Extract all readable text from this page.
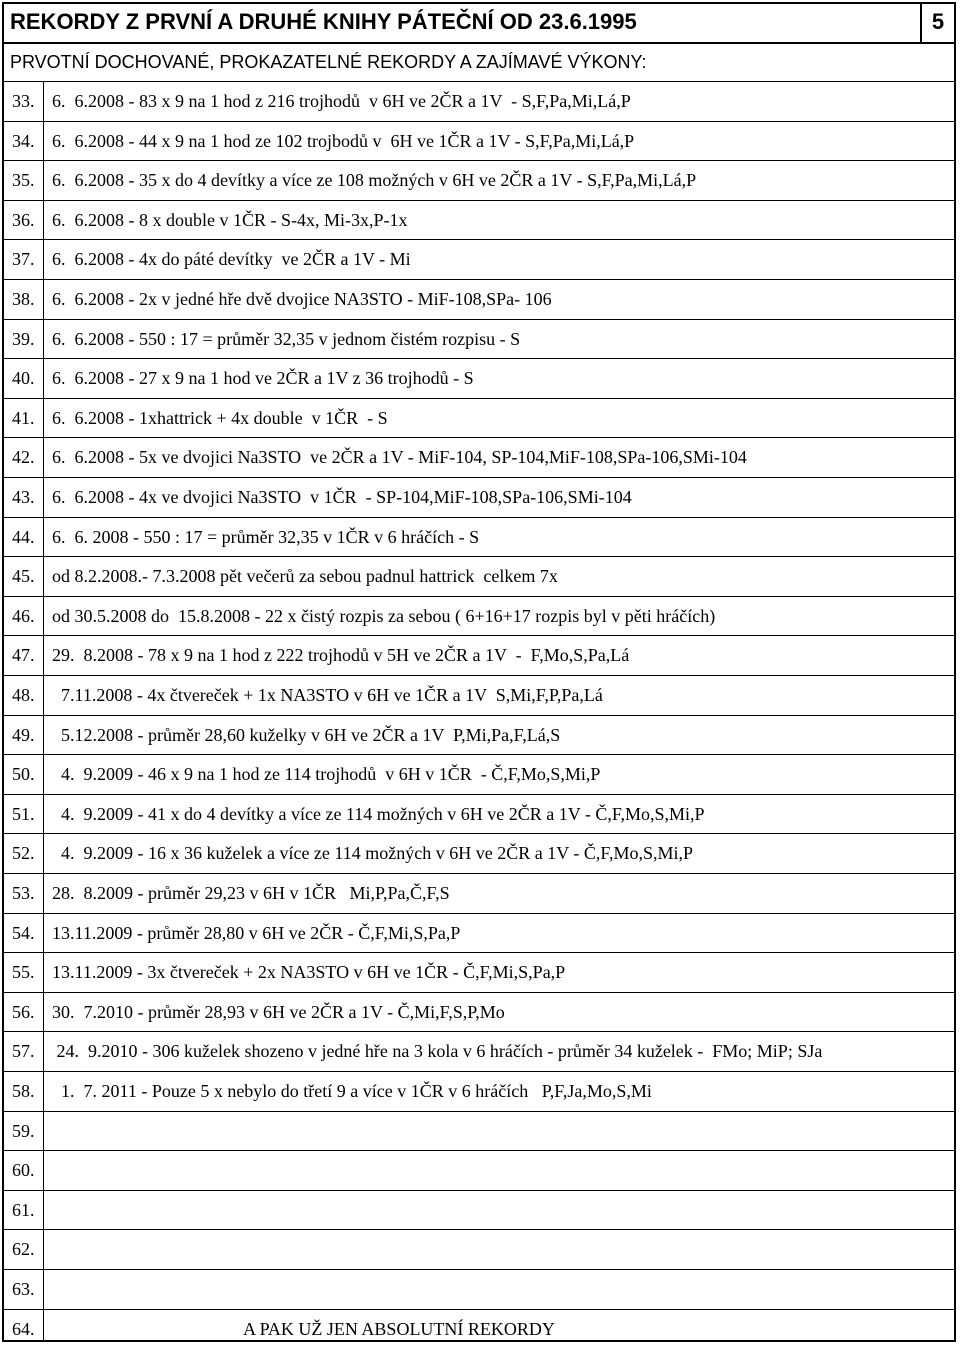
REKORDY Z PRVNÍ A DRUHÉ KNIHY PÁTEČNÍ OD 23.6.1995	5
PRVOTNÍ DOCHOVANÉ, PROKAZATELNÉ REKORDY A ZAJÍMAVÉ VÝKONY:
33. 6.  6.2008 - 83 x 9 na 1 hod z 216 trojhodů  v 6H ve 2ČR a 1V  - S,F,Pa,Mi,Lá,P
34. 6.  6.2008 - 44 x 9 na 1 hod ze 102 trojbodů v  6H ve 1ČR a 1V - S,F,Pa,Mi,Lá,P
35. 6.  6.2008 - 35 x do 4 devítky a více ze 108 možných v 6H ve 2ČR a 1V - S,F,Pa,Mi,Lá,P
36. 6.  6.2008 - 8 x double v 1ČR - S-4x, Mi-3x,P-1x
37. 6.  6.2008 - 4x do páté devítky  ve 2ČR a 1V - Mi
38. 6.  6.2008 - 2x v jedné hře dvě dvojice NA3STO - MiF-108,SPa- 106
39. 6.  6.2008 - 550 : 17 = průměr 32,35 v jednom čistém rozpisu - S
40. 6.  6.2008 - 27 x 9 na 1 hod ve 2ČR a 1V z 36 trojhodů - S
41. 6.  6.2008 - 1xhattrick + 4x double  v 1ČR  - S
42. 6.  6.2008 - 5x ve dvojici Na3STO  ve 2ČR a 1V - MiF-104, SP-104,MiF-108,SPa-106,SMi-104
43. 6.  6.2008 - 4x ve dvojici Na3STO  v 1ČR  - SP-104,MiF-108,SPa-106,SMi-104
44. 6.  6. 2008 - 550 : 17 = průměr 32,35 v 1ČR v 6 hráčích - S
45. od 8.2.2008.- 7.3.2008 pět večerů za sebou padnul hattrick  celkem 7x
46. od 30.5.2008 do  15.8.2008 - 22 x čistý rozpis za sebou ( 6+16+17 rozpis byl v pěti hráčích)
47. 29.  8.2008 - 78 x 9 na 1 hod z 222 trojhodů v 5H ve 2ČR a 1V  -  F,Mo,S,Pa,Lá
48. 7.11.2008 - 4x čtvereček + 1x NA3STO v 6H ve 1ČR a 1V  S,Mi,F,P,Pa,Lá
49. 5.12.2008 - průměr 28,60 kuželky v 6H ve 2ČR a 1V  P,Mi,Pa,F,Lá,S
50. 4.  9.2009 - 46 x 9 na 1 hod ze 114 trojhodů  v 6H v 1ČR  - Č,F,Mo,S,Mi,P
51. 4.  9.2009 - 41 x do 4 devítky a více ze 114 možných v 6H ve 2ČR a 1V - Č,F,Mo,S,Mi,P
52. 4.  9.2009 - 16 x 36 kuželek a více ze 114 možných v 6H ve 2ČR a 1V - Č,F,Mo,S,Mi,P
53. 28.  8.2009 - průměr 29,23 v 6H v 1ČR   Mi,P,Pa,Č,F,S
54. 13.11.2009 - průměr 28,80 v 6H ve 2ČR - Č,F,Mi,S,Pa,P
55. 13.11.2009 - 3x čtvereček + 2x NA3STO v 6H ve 1ČR - Č,F,Mi,S,Pa,P
56. 30.  7.2010 - průměr 28,93 v 6H ve 2ČR a 1V - Č,Mi,F,S,P,Mo
57. 24.  9.2010 - 306 kuželek shozeno v jedné hře na 3 kola v 6 hráčích - průměr 34 kuželek -  FMo; MiP; SJa
58. 1.  7. 2011 - Pouze 5 x nebylo do třetí 9 a více v 1ČR v 6 hráčích   P,F,Ja,Mo,S,Mi
59.
60.
61.
62.
63.
64.	A PAK UŽ JEN ABSOLUTNÍ REKORDY
